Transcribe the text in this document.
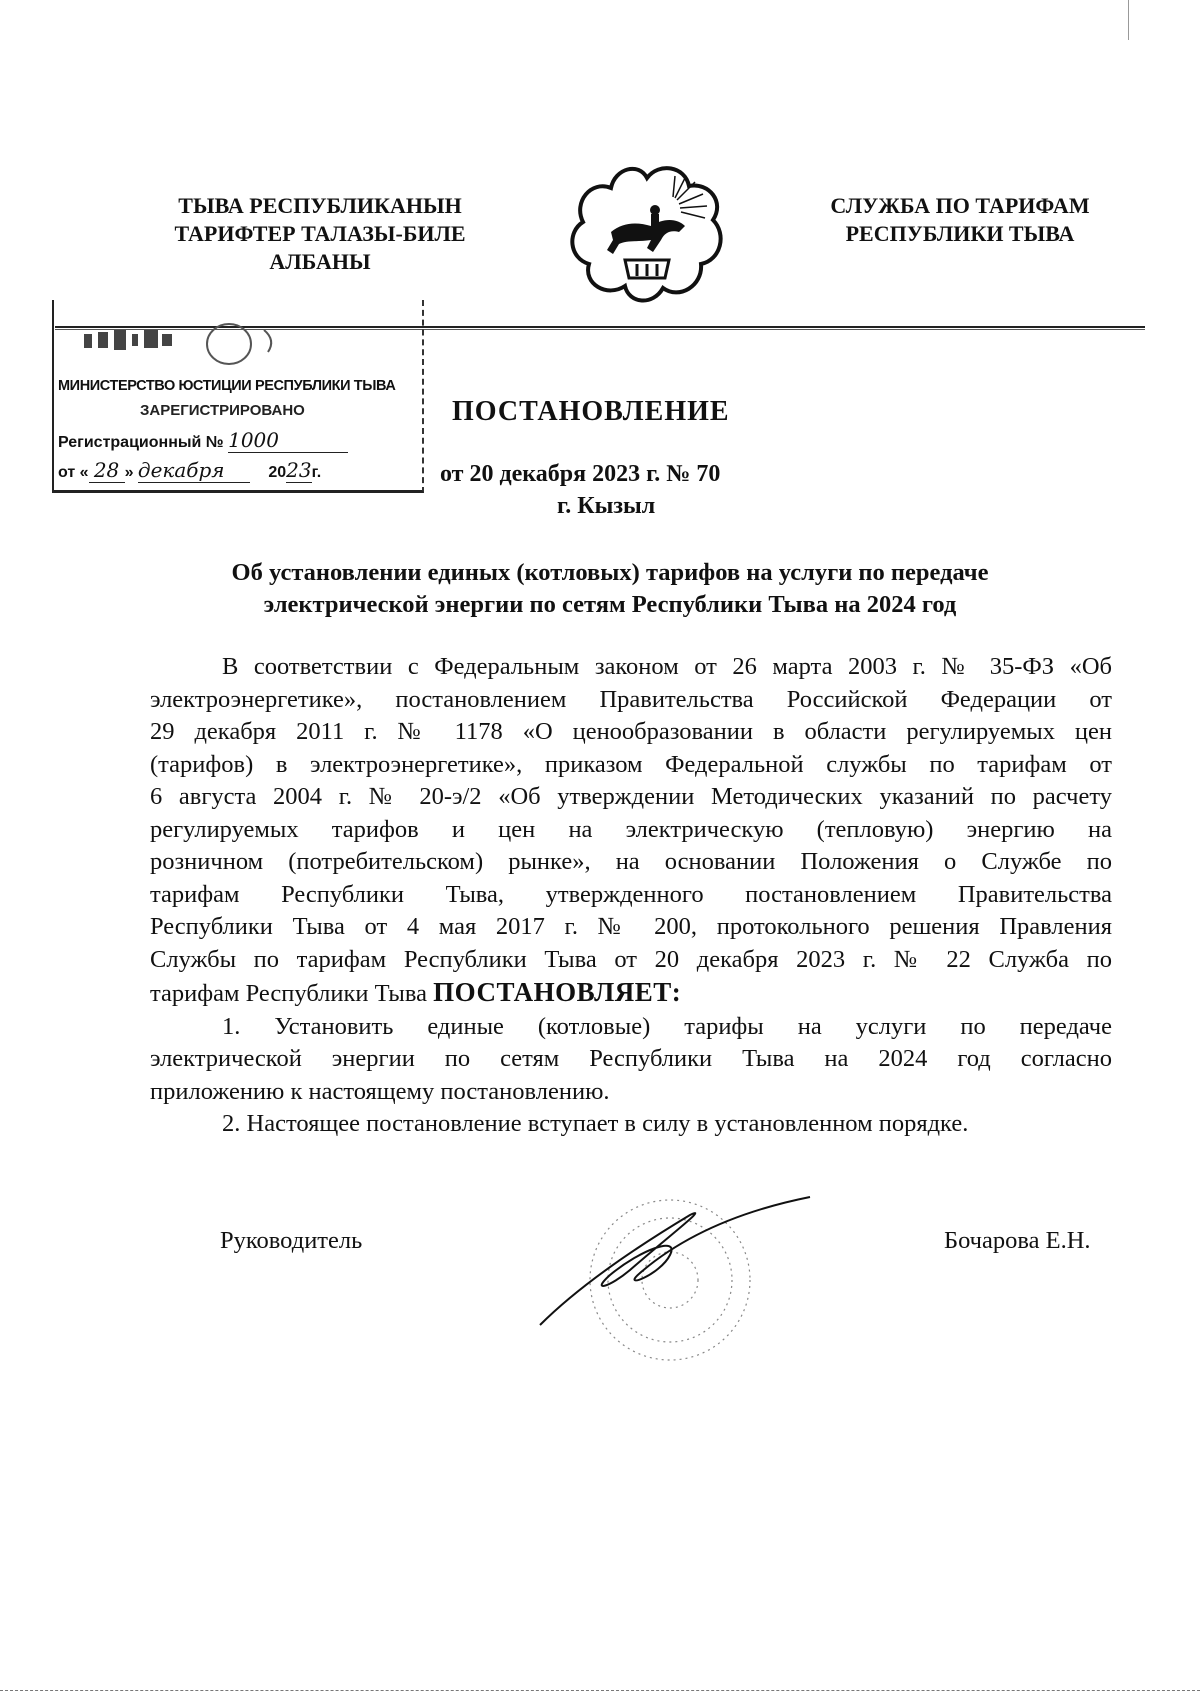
ТЫВА РЕСПУБЛИКАНЫН
ТАРИФТЕР ТАЛАЗЫ-БИЛЕ
АЛБАНЫ
СЛУЖБА ПО ТАРИФАМ
РЕСПУБЛИКИ ТЫВА
МИНИСТЕРСТВО ЮСТИЦИИ РЕСПУБЛИКИ ТЫВА
ЗАРЕГИСТРИРОВАНО
Регистрационный № 1000
от « 28 » декабря	2023г.
ПОСТАНОВЛЕНИЕ
от 20 декабря 2023 г. № 70
г. Кызыл
Об установлении единых (котловых) тарифов на услуги по передаче
электрической энергии по сетям Республики Тыва на 2024 год
В соответствии с Федеральным законом от 26 марта 2003 г. № 35-ФЗ «Об
электроэнергетике», постановлением Правительства Российской Федерации от
29 декабря 2011 г. № 1178 «О ценообразовании в области регулируемых цен
(тарифов) в электроэнергетике», приказом Федеральной службы по тарифам от
6 августа 2004 г. № 20-э/2 «Об утверждении Методических указаний по расчету
регулируемых тарифов и цен на электрическую (тепловую) энергию на
розничном (потребительском) рынке», на основании Положения о Службе по
тарифам Республики Тыва, утвержденного постановлением Правительства
Республики Тыва от 4 мая 2017 г. № 200, протокольного решения Правления
Службы по тарифам Республики Тыва от 20 декабря 2023 г. № 22 Служба по
тарифам Республики Тыва ПОСТАНОВЛЯЕТ:
1. Установить единые (котловые) тарифы на услуги по передаче
электрической энергии по сетям Республики Тыва на 2024 год согласно
приложению к настоящему постановлению.
2. Настоящее постановление вступает в силу в установленном порядке.
Руководитель	Бочарова Е.Н.
